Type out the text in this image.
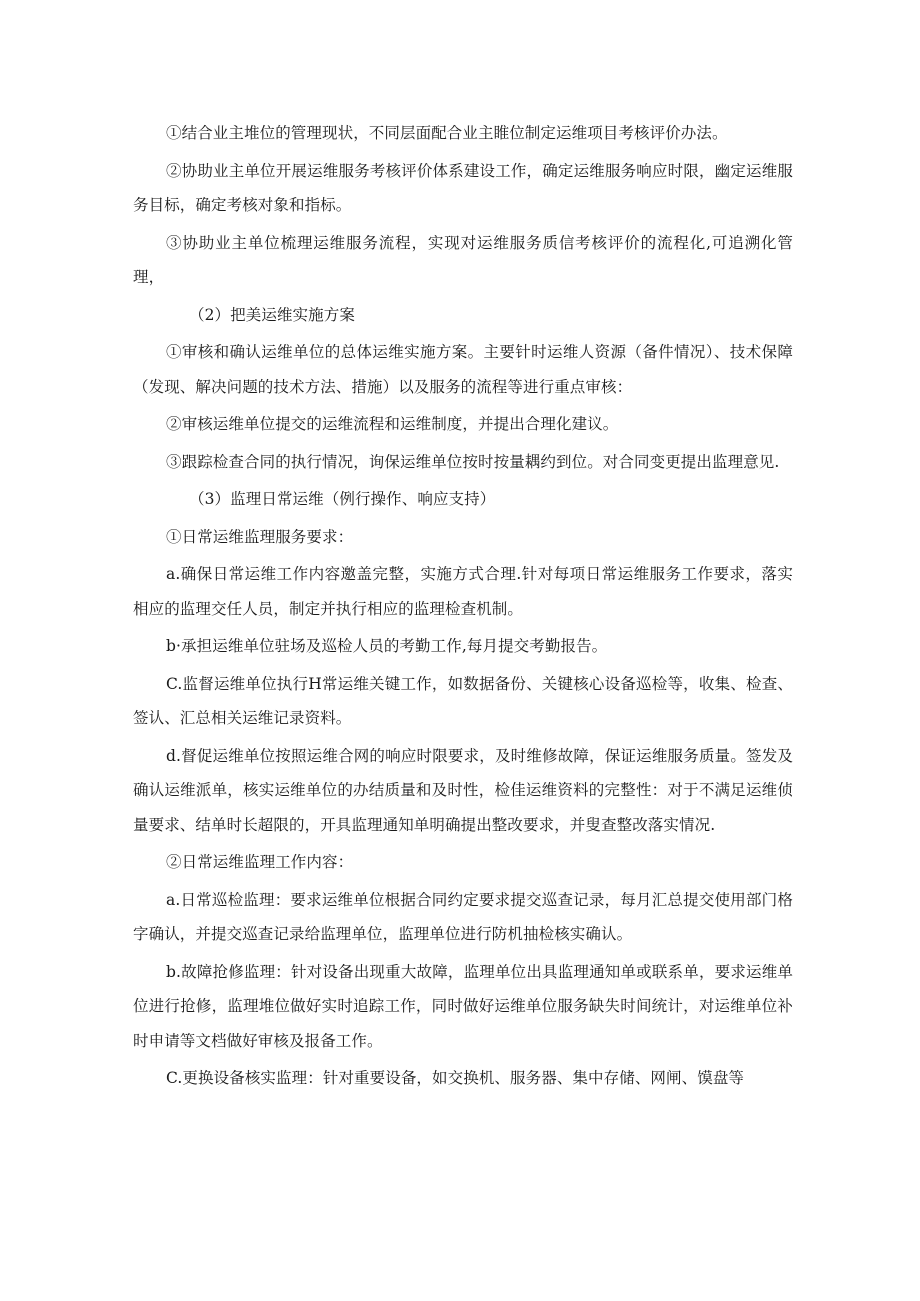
①结合业主堆位的管理现状，不同层面配合业主睢位制定运维项目考核评价办法。

②协助业主单位开展运维服务考核评价体系建设工作，确定运维服务响应时限，幽定运维服务目标，确定考核对象和指标。

③协助业主单位梳理运维服务流程，实现对运维服务质信考核评价的流程化,可追溯化管理，

（2）把美运维实施方案

①审核和确认运维单位的总体运维实施方案。主要针时运维人资源（备件情况）、技术保障（发现、解决问题的技术方法、措施）以及服务的流程等进行重点审核：

②审核运维单位提交的运维流程和运维制度，并提出合理化建议。

③跟踪检查合同的执行情况，询保运维单位按时按量耦约到位。对合同变更提出监理意见.

（3）监理日常运维（例行操作、响应支持）

①日常运维监理服务要求：

a.确保日常运维工作内容邀盖完整，实施方式合理.针对每项日常运维服务工作要求，落实相应的监理交任人员，制定并执行相应的监理检查机制。

b·承担运维单位驻场及巡检人员的考勤工作,每月提交考勤报告。

C.监督运维单位执行H常运维关键工作，如数据备份、关键核心设备巡检等，收集、检查、签认、汇总相关运维记录资料。

d.督促运维单位按照运维合网的响应时限要求，及时维修故障，保证运维服务质量。签发及确认运维派单，核实运维单位的办结质量和及时性，检佳运维资料的完整性：对于不满足运维侦量要求、结单时长超限的，开具监理通知单明确提出整改要求，并叟查整改落实情况.

②日常运维监理工作内容：

a.日常巡检监理：要求运维单位根据合同约定要求提交巡查记录，每月汇总提交使用部门格字确认，并提交巡查记录给监理单位，监理单位进行防机抽检核实确认。

b.故障抢修监理：针对设备出现重大故障，监理单位出具监理通知单或联系单，要求运维单位进行抢修，监理堆位做好实时追踪工作，同时做好运维单位服务缺失时间统计，对运维单位补时申请等文档做好审核及报备工作。

C.更换设备核实监理：针对重要设备，如交换机、服务器、集中存储、网闸、馍盘等
